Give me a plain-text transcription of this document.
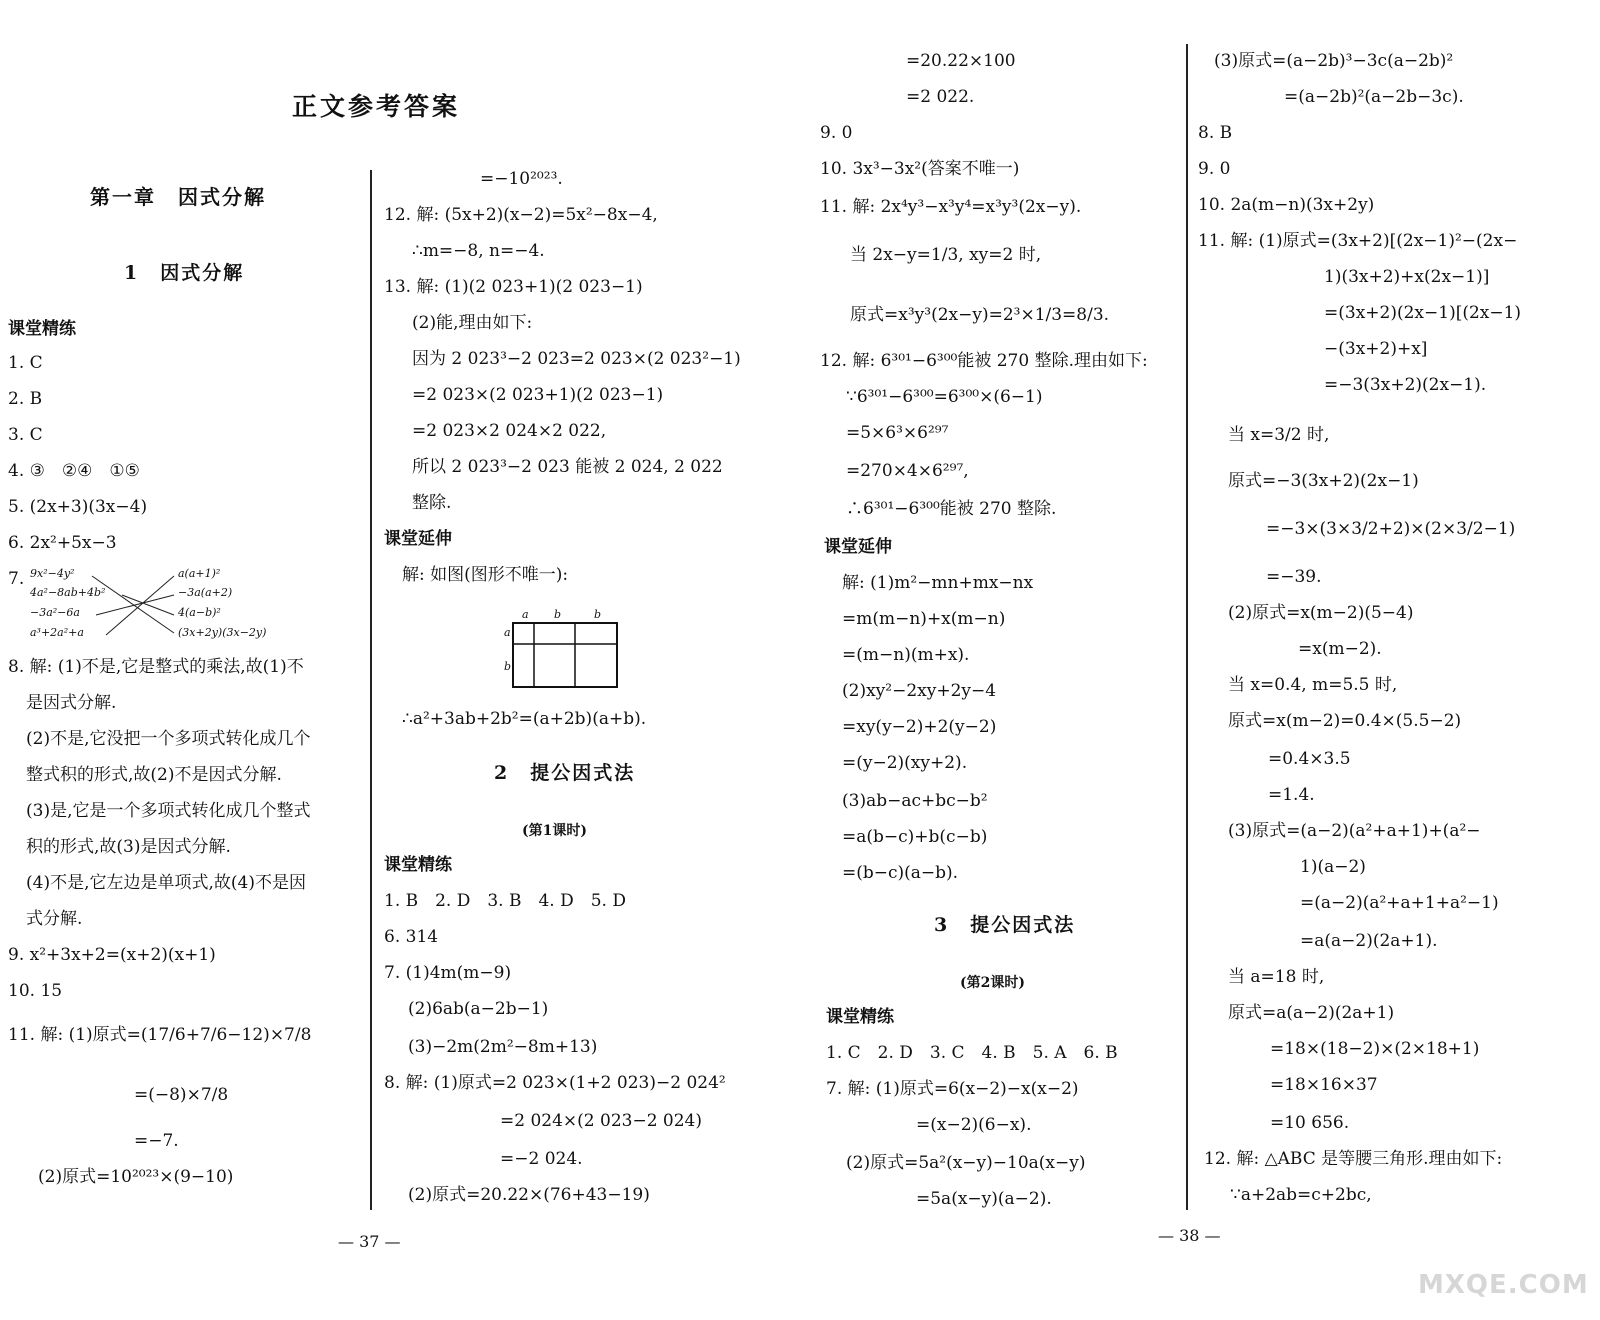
正文参考答案
第一章　因式分解
1　因式分解
课堂精练
1. C
2. B
3. C
4. ③　②④　①⑤
5. (2x+3)(3x−4)
6. 2x²+5x−3
7. 9x²−4y²
4a²−8ab+4b²
−3a²−6a
a³+2a²+a
a(a+1)²
−3a(a+2)
4(a−b)²
(3x+2y)(3x−2y)
8. 解: (1)不是,它是整式的乘法,故(1)不
是因式分解.
(2)不是,它没把一个多项式转化成几个
整式积的形式,故(2)不是因式分解.
(3)是,它是一个多项式转化成几个整式
积的形式,故(3)是因式分解.
(4)不是,它左边是单项式,故(4)不是因
式分解.
9. x²+3x+2=(x+2)(x+1)
10. 15
11. 解: (1)原式=(17/6+7/6−12)×7/8
=(−8)×7/8
=−7.
(2)原式=10²⁰²³×(9−10)
=−10²⁰²³.
12. 解: (5x+2)(x−2)=5x²−8x−4,
∴m=−8, n=−4.
13. 解: (1)(2 023+1)(2 023−1)
(2)能,理由如下:
因为 2 023³−2 023=2 023×(2 023²−1)
=2 023×(2 023+1)(2 023−1)
=2 023×2 024×2 022,
所以 2 023³−2 023 能被 2 024, 2 022
整除.
课堂延伸
解: 如图(图形不唯一):
a b	b
a
b
∴a²+3ab+2b²=(a+2b)(a+b).
2　提公因式法
(第1课时)
课堂精练
1. B　2. D　3. B　4. D　5. D
6. 314
7. (1)4m(m−9)
(2)6ab(a−2b−1)
(3)−2m(2m²−8m+13)
8. 解: (1)原式=2 023×(1+2 023)−2 024²
=2 024×(2 023−2 024)
=−2 024.
(2)原式=20.22×(76+43−19)
— 37 —
=20.22×100
=2 022.
9. 0
10. 3x³−3x²(答案不唯一)
11. 解: 2x⁴y³−x³y⁴=x³y³(2x−y).
当 2x−y=1/3, xy=2 时,
原式=x³y³(2x−y)=2³×1/3=8/3.
12. 解: 6³⁰¹−6³⁰⁰能被 270 整除.理由如下:
∵6³⁰¹−6³⁰⁰=6³⁰⁰×(6−1)
=5×6³×6²⁹⁷
=270×4×6²⁹⁷,
∴6³⁰¹−6³⁰⁰能被 270 整除.
课堂延伸
解: (1)m²−mn+mx−nx
=m(m−n)+x(m−n)
=(m−n)(m+x).
(2)xy²−2xy+2y−4
=xy(y−2)+2(y−2)
=(y−2)(xy+2).
(3)ab−ac+bc−b²
=a(b−c)+b(c−b)
=(b−c)(a−b).
3　提公因式法
(第2课时)
课堂精练
1. C　2. D　3. C　4. B　5. A　6. B
7. 解: (1)原式=6(x−2)−x(x−2)
=(x−2)(6−x).
(2)原式=5a²(x−y)−10a(x−y)
=5a(x−y)(a−2).
(3)原式=(a−2b)³−3c(a−2b)²
=(a−2b)²(a−2b−3c).
8. B
9. 0
10. 2a(m−n)(3x+2y)
11. 解: (1)原式=(3x+2)[(2x−1)²−(2x−
1)(3x+2)+x(2x−1)]
=(3x+2)(2x−1)[(2x−1)
−(3x+2)+x]
=−3(3x+2)(2x−1).
当 x=3/2 时,
原式=−3(3x+2)(2x−1)
=−3×(3×3/2+2)×(2×3/2−1)
=−39.
(2)原式=x(m−2)(5−4)
=x(m−2).
当 x=0.4, m=5.5 时,
原式=x(m−2)=0.4×(5.5−2)
=0.4×3.5
=1.4.
(3)原式=(a−2)(a²+a+1)+(a²−
1)(a−2)
=(a−2)(a²+a+1+a²−1)
=a(a−2)(2a+1).
当 a=18 时,
原式=a(a−2)(2a+1)
=18×(18−2)×(2×18+1)
=18×16×37
=10 656.
12. 解: △ABC 是等腰三角形.理由如下:
∵a+2ab=c+2bc,
— 38 —
MXQE.COM
